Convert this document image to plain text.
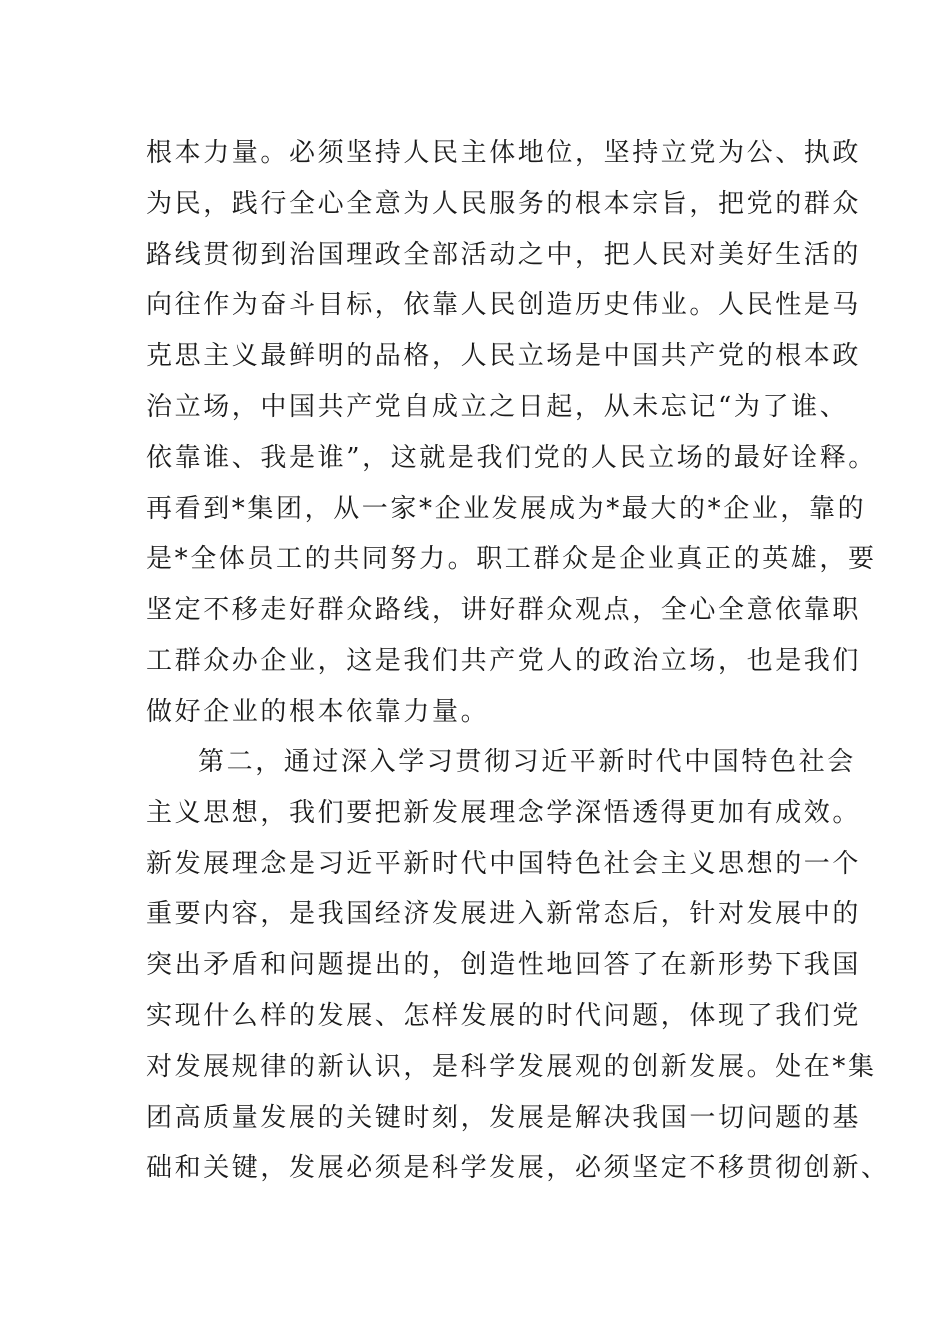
根本力量。必须坚持人民主体地位，坚持立党为公、执政
为民，践行全心全意为人民服务的根本宗旨，把党的群众
路线贯彻到治国理政全部活动之中，把人民对美好生活的
向往作为奋斗目标，依靠人民创造历史伟业。人民性是马
克思主义最鲜明的品格，人民立场是中国共产党的根本政
治立场，中国共产党自成立之日起，从未忘记“为了谁、
依靠谁、我是谁”，这就是我们党的人民立场的最好诠释。
再看到*集团，从一家*企业发展成为*最大的*企业，靠的
是*全体员工的共同努力。职工群众是企业真正的英雄，要
坚定不移走好群众路线，讲好群众观点，全心全意依靠职
工群众办企业，这是我们共产党人的政治立场，也是我们
做好企业的根本依靠力量。
第二，通过深入学习贯彻习近平新时代中国特色社会
主义思想，我们要把新发展理念学深悟透得更加有成效。
新发展理念是习近平新时代中国特色社会主义思想的一个
重要内容，是我国经济发展进入新常态后，针对发展中的
突出矛盾和问题提出的，创造性地回答了在新形势下我国
实现什么样的发展、怎样发展的时代问题，体现了我们党
对发展规律的新认识，是科学发展观的创新发展。处在*集
团高质量发展的关键时刻，发展是解决我国一切问题的基
础和关键，发展必须是科学发展，必须坚定不移贯彻创新、
